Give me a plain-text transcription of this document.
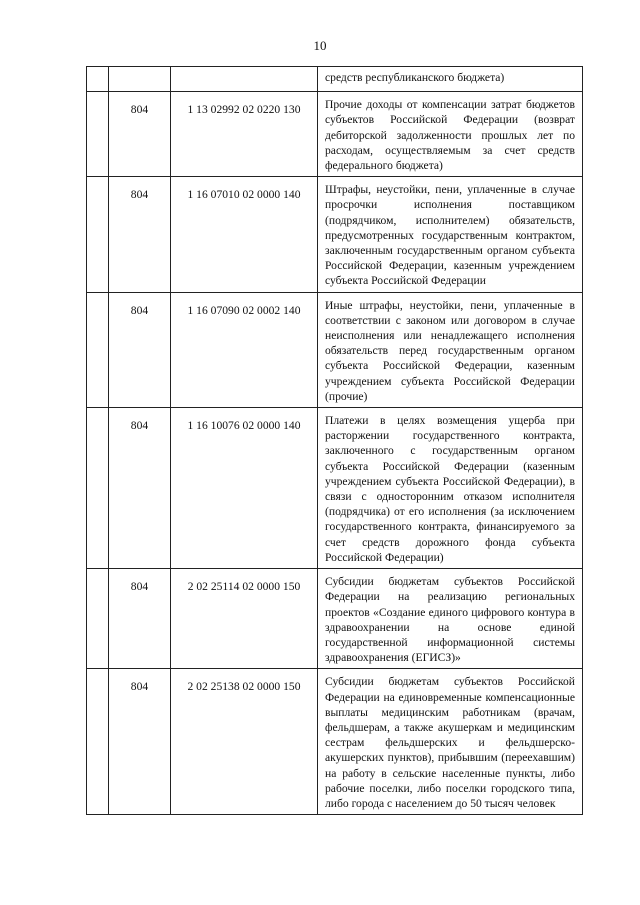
10

			средств республиканского бюджета)

	804	1 13 02992 02 0220 130	Прочие доходы от компенсации затрат бюджетов субъектов Российской Федерации (возврат дебиторской задолженности прошлых лет по расходам, осуществляемым за счет средств федерального бюджета)

	804	1 16 07010 02 0000 140	Штрафы, неустойки, пени, уплаченные в случае просрочки исполнения поставщиком (подрядчиком, исполнителем) обязательств, предусмотренных государственным контрактом, заключенным государственным органом субъекта Российской Федерации, казенным учреждением субъекта Российской Федерации

	804	1 16 07090 02 0002 140	Иные штрафы, неустойки, пени, уплаченные в соответствии с законом или договором в случае неисполнения или ненадлежащего исполнения обязательств перед государственным органом субъекта Российской Федерации, казенным учреждением субъекта Российской Федерации (прочие)

	804	1 16 10076 02 0000 140	Платежи в целях возмещения ущерба при расторжении государственного контракта, заключенного с государственным органом субъекта Российской Федерации (казенным учреждением субъекта Российской Федерации), в связи с односторонним отказом исполнителя (подрядчика) от его исполнения (за исключением государственного контракта, финансируемого за счет средств дорожного фонда субъекта Российской Федерации)

	804	2 02 25114 02 0000 150	Субсидии бюджетам субъектов Российской Федерации на реализацию региональных проектов «Создание единого цифрового контура в здравоохранении на основе единой государственной информационной системы здравоохранения (ЕГИСЗ)»

	804	2 02 25138 02 0000 150	Субсидии бюджетам субъектов Российской Федерации на единовременные компенсационные выплаты медицинским работникам (врачам, фельдшерам, а также акушеркам и медицинским сестрам фельдшерских и фельдшерско-акушерских пунктов), прибывшим (переехавшим) на работу в сельские населенные пункты, либо рабочие поселки, либо поселки городского типа, либо города с населением до 50 тысяч человек
